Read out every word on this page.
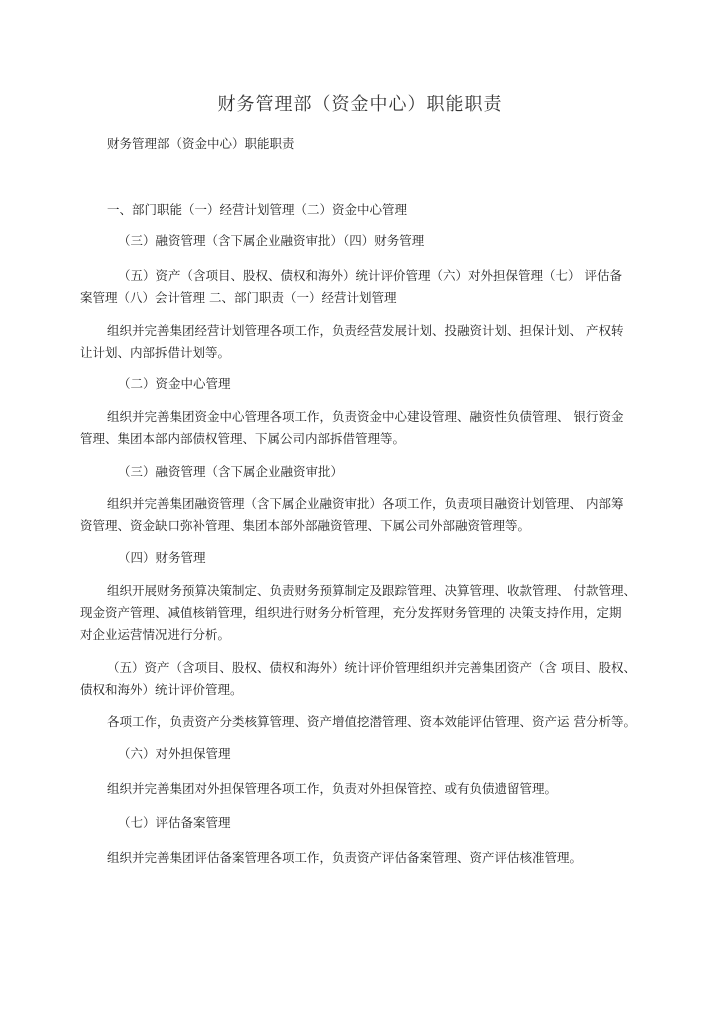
财务管理部（资金中心）职能职责
财务管理部（资金中心）职能职责
一、部门职能（一）经营计划管理（二）资金中心管理
（三）融资管理（含下属企业融资审批）（四）财务管理
（五）资产（含项目、股权、债权和海外）统计评价管理（六）对外担保管理（七） 评估备
案管理（八）会计管理 二、部门职责（一）经营计划管理
组织并完善集团经营计划管理各项工作，负责经营发展计划、投融资计划、担保计划、 产权转
让计划、内部拆借计划等。
（二）资金中心管理
组织并完善集团资金中心管理各项工作，负责资金中心建设管理、融资性负债管理、 银行资金
管理、集团本部内部债权管理、下属公司内部拆借管理等。
（三）融资管理（含下属企业融资审批）
组织并完善集团融资管理（含下属企业融资审批）各项工作，负责项目融资计划管理、 内部筹
资管理、资金缺口弥补管理、集团本部外部融资管理、下属公司外部融资管理等。
（四）财务管理
组织开展财务预算决策制定、负责财务预算制定及跟踪管理、决算管理、收款管理、 付款管理、
现金资产管理、减值核销管理，组织进行财务分析管理，充分发挥财务管理的 决策支持作用，定期
对企业运营情况进行分析。
（五）资产（含项目、股权、债权和海外）统计评价管理组织并完善集团资产（含 项目、股权、
债权和海外）统计评价管理。
各项工作，负责资产分类核算管理、资产增值挖潜管理、资本效能评估管理、资产运 营分析等。
（六）对外担保管理
组织并完善集团对外担保管理各项工作，负责对外担保管控、或有负债遗留管理。
（七）评估备案管理
组织并完善集团评估备案管理各项工作，负责资产评估备案管理、资产评估核准管理。
